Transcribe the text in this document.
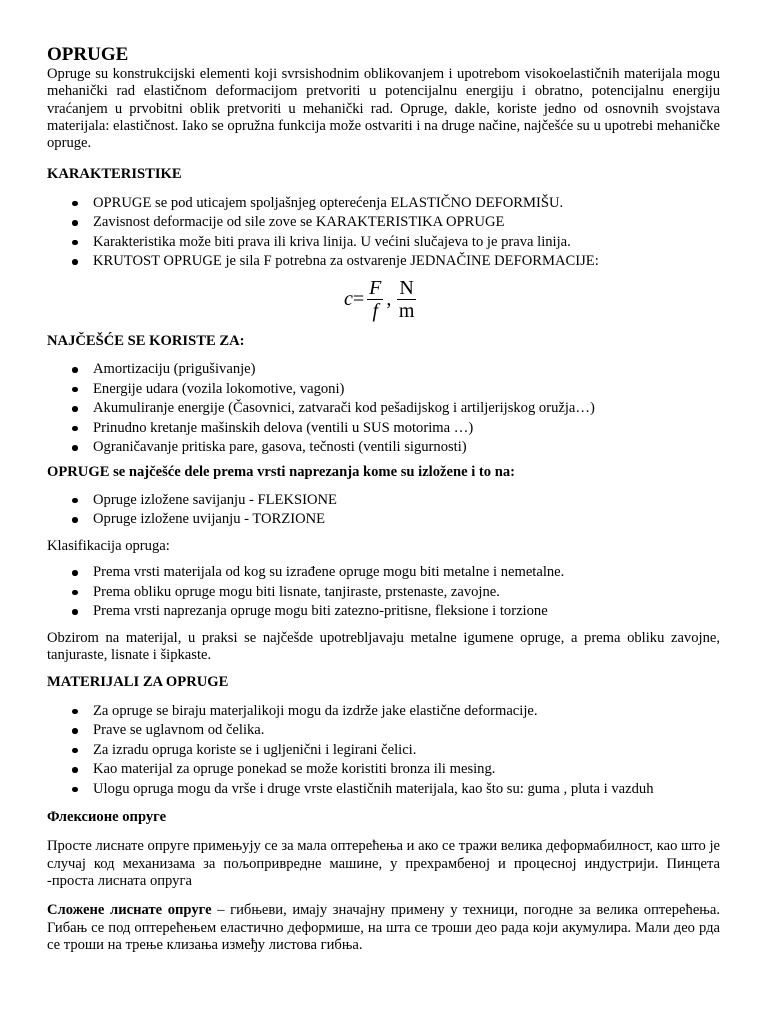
OPRUGE

Opruge su konstrukcijski elementi koji svrsishodnim oblikovanjem i upotrebom visokoelastičnih materijala mogu mehanički rad elastičnom deformacijom pretvoriti u potencijalnu energiju i obratno, potencijalnu energiju vraćanjem u prvobitni oblik pretvoriti u mehanički rad. Opruge, dakle, koriste jedno od osnovnih svojstava materijala: elastičnost. Iako se opružna funkcija može ostvariti i na druge načine, najčešće su u upotrebi mehaničke opruge.

KARAKTERISTIKE
OPRUGE se pod uticajem spoljašnjeg opterećenja ELASTIČNO DEFORMIŠU.
Zavisnost deformacije od sile zove se KARAKTERISTIKA OPRUGE
Karakteristika može biti prava ili kriva linija. U većini slučajeva to je prava linija.
KRUTOST OPRUGE je sila F potrebna za ostvarenje JEDNAČINE DEFORMACIJE:
$c = \frac{F}{f}$ , $\frac{N}{m}$
NAJČEŠĆE SE KORISTE ZA:
Amortizaciju (prigušivanje)
Energije udara (vozila lokomotive, vagoni)
Akumuliranje energije (Časovnici, zatvarači kod pešadijskog i artiljerijskog oružja…)
Prinudno kretanje mašinskih delova (ventili u SUS motorima …)
Ograničavanje pritiska pare, gasova, tečnosti (ventili sigurnosti)
OPRUGE se najčešće dele prema vrsti naprezanja kome su izložene i to na:
Opruge izložene savijanju - FLEKSIONE
Opruge izložene uvijanju - TORZIONE

Klasifikacija opruga:

Prema vrsti materijala od kog su izrađene opruge mogu biti metalne i nemetalne.
Prema obliku opruge mogu biti lisnate, tanjiraste, prstenaste, zavojne.
Prema vrsti naprezanja opruge mogu biti zatezno-pritisne, fleksione i torzione

Obzirom na materijal, u praksi se najčešde upotrebljavaju metalne igumene opruge, a prema obliku zavojne, tanjuraste, lisnate i šipkaste.

MATERIJALI ZA OPRUGE
Za opruge se biraju materjalikoji mogu da izdrže jake elastične deformacije.
Prave se uglavnom od čelika.
Za izradu opruga koriste se i ugljenični i legirani čelici.
Kao materijal za opruge ponekad se može koristiti bronza ili mesing.
Ulogu opruga mogu da vrše i druge vrste elastičnih materijala, kao što su: guma , pluta i vazduh
Флексионе опруге

Просте лиснате опруге примењују се за мала оптерећења и ако се тражи велика деформабилност, као што је случај код механизама за пољопривредне машине, у прехрамбеној и процесној индустрији. Пинцета -проста лисната опруга

Сложене лиснате опруге – гибњеви, имају значајну примену у техници, погодне за велика оптерећења. Гибањ се под оптерећењем еластично деформише, на шта се троши део рада који акумулира. Мали део рда се троши на трење клизања између листова гибња.
